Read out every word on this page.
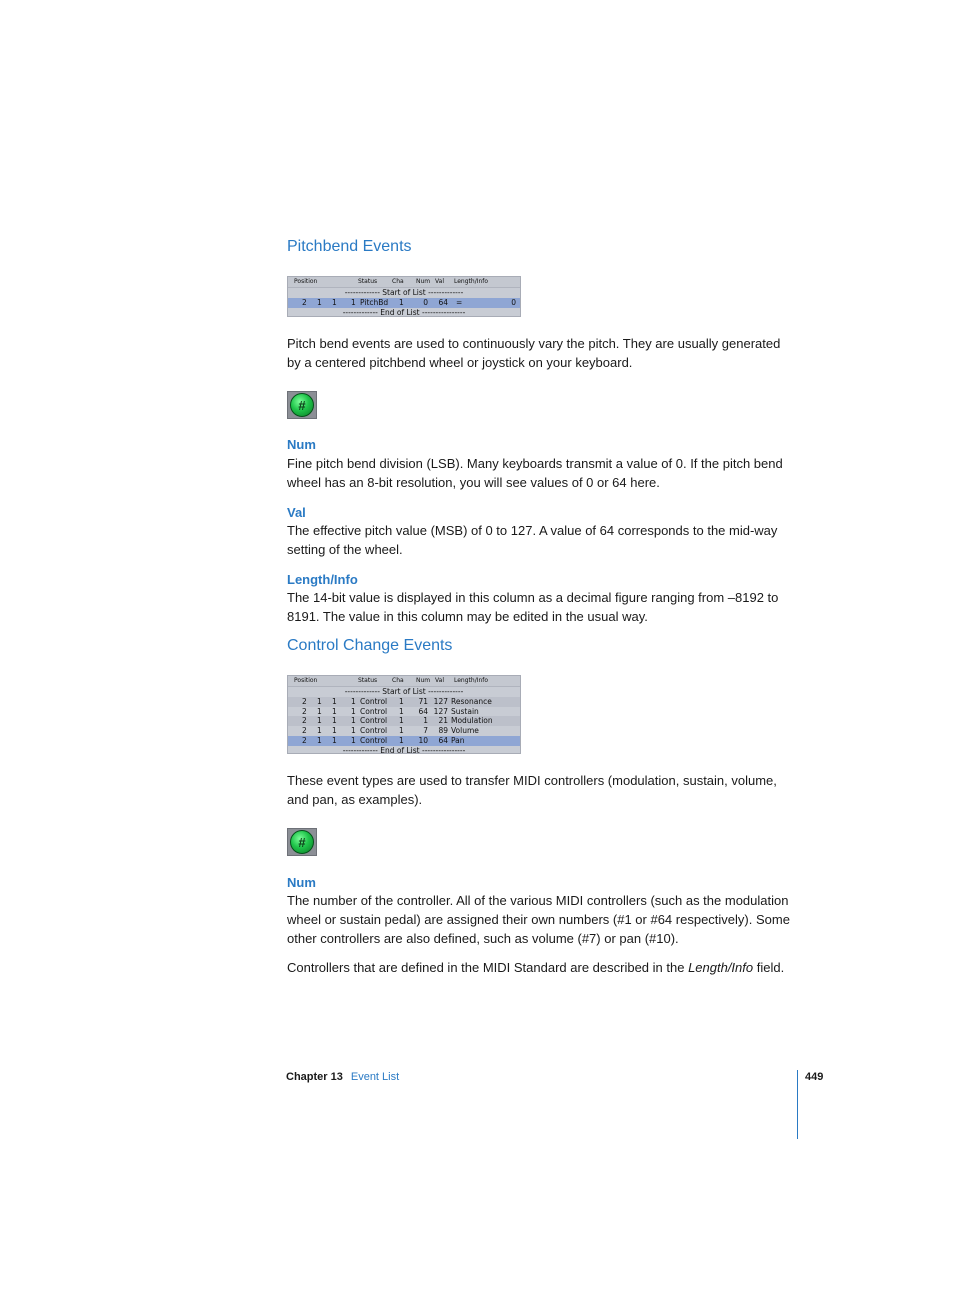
Pitchbend Events
Position	Status Cha Num Val Length/Info
------------- Start of List -------------
2 1 1 1 PitchBd 1	0	64 =	0
------------- End of List ----------------

Pitch bend events are used to continuously vary the pitch. They are usually generated by a centered pitchbend wheel or joystick on your keyboard.

#
Num

Fine pitch bend division (LSB). Many keyboards transmit a value of 0. If the pitch bend wheel has an 8-bit resolution, you will see values of 0 or 64 here.

Val

The effective pitch value (MSB) of 0 to 127. A value of 64 corresponds to the mid-way setting of the wheel.

Length/Info

The 14-bit value is displayed in this column as a decimal figure ranging from –8192 to 8191. The value in this column may be edited in the usual way.

Control Change Events
Position	Status Cha Num Val Length/Info
------------- Start of List -------------
2 1 1 1 Control 1	71 127 Resonance
2 1 1 1 Control 1	64 127 Sustain
2 1 1 1 Control 1	1	21 Modulation
2 1 1 1 Control 1	7	89 Volume
2 1 1 1 Control 1	10	64 Pan
------------- End of List ----------------

These event types are used to transfer MIDI controllers (modulation, sustain, volume, and pan, as examples).

#
Num

The number of the controller. All of the various MIDI controllers (such as the modulation wheel or sustain pedal) are assigned their own numbers (#1 or #64 respectively). Some other controllers are also defined, such as volume (#7) or pan (#10).

Controllers that are defined in the MIDI Standard are described in the Length/Info field.

Chapter 13 Event List	449
